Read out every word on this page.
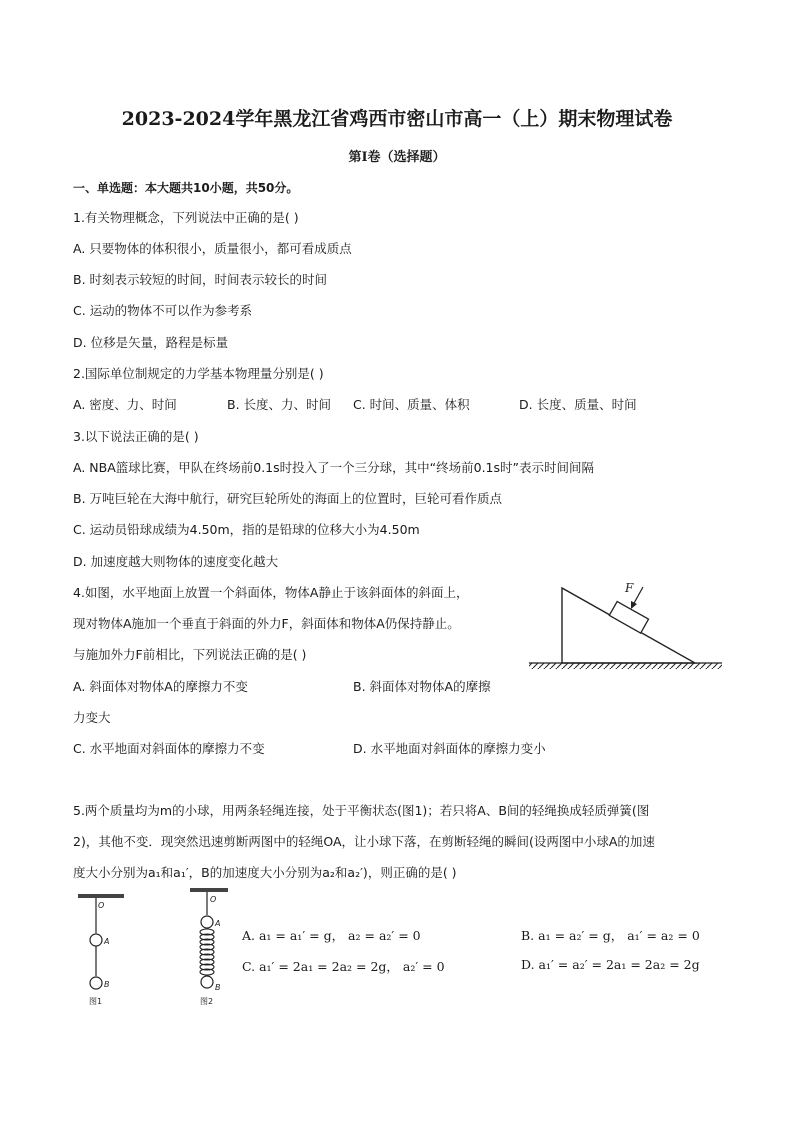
2023-2024学年黑龙江省鸡西市密山市高一（上）期末物理试卷
第Ⅰ卷（选择题）
一、单选题：本大题共10小题，共50分。
1.有关物理概念，下列说法中正确的是( )
A. 只要物体的体积很小，质量很小，都可看成质点
B. 时刻表示较短的时间，时间表示较长的时间
C. 运动的物体不可以作为参考系
D. 位移是矢量，路程是标量
2.国际单位制规定的力学基本物理量分别是( )
A. 密度、力、时间	B. 长度、力、时间 C. 时间、质量、体积	D. 长度、质量、时间
3.以下说法正确的是( )
A. NBA篮球比赛，甲队在终场前0.1s时投入了一个三分球，其中“终场前0.1s时”表示时间间隔
B. 万吨巨轮在大海中航行，研究巨轮所处的海面上的位置时，巨轮可看作质点
C. 运动员铅球成绩为4.50m，指的是铅球的位移大小为4.50m
D. 加速度越大则物体的速度变化越大
4.如图，水平地面上放置一个斜面体，物体A静止于该斜面体的斜面上，
现对物体A施加一个垂直于斜面的外力F，斜面体和物体A仍保持静止。
与施加外力F前相比，下列说法正确的是( )
A. 斜面体对物体A的摩擦力不变	B. 斜面体对物体A的摩擦
力变大
C. 水平地面对斜面体的摩擦力不变	D. 水平地面对斜面体的摩擦力变小
F
5.两个质量均为m的小球，用两条轻绳连接，处于平衡状态(图1)；若只将A、B间的轻绳换成轻质弹簧(图
2)，其他不变．现突然迅速剪断两图中的轻绳OA，让小球下落，在剪断轻绳的瞬间(设两图中小球A的加速
度大小分别为a₁和a₁′，B的加速度大小分别为a₂和a₂′)，则正确的是( )
O
A
B
图1
O
A
B
图2
A. a₁ = a₁′ = g， a₂ = a₂′ = 0	B. a₁ = a₂′ = g， a₁′ = a₂ = 0
C. a₁′ = 2a₁ = 2a₂ = 2g， a₂′ = 0	D. a₁′ = a₂′ = 2a₁ = 2a₂ = 2g
